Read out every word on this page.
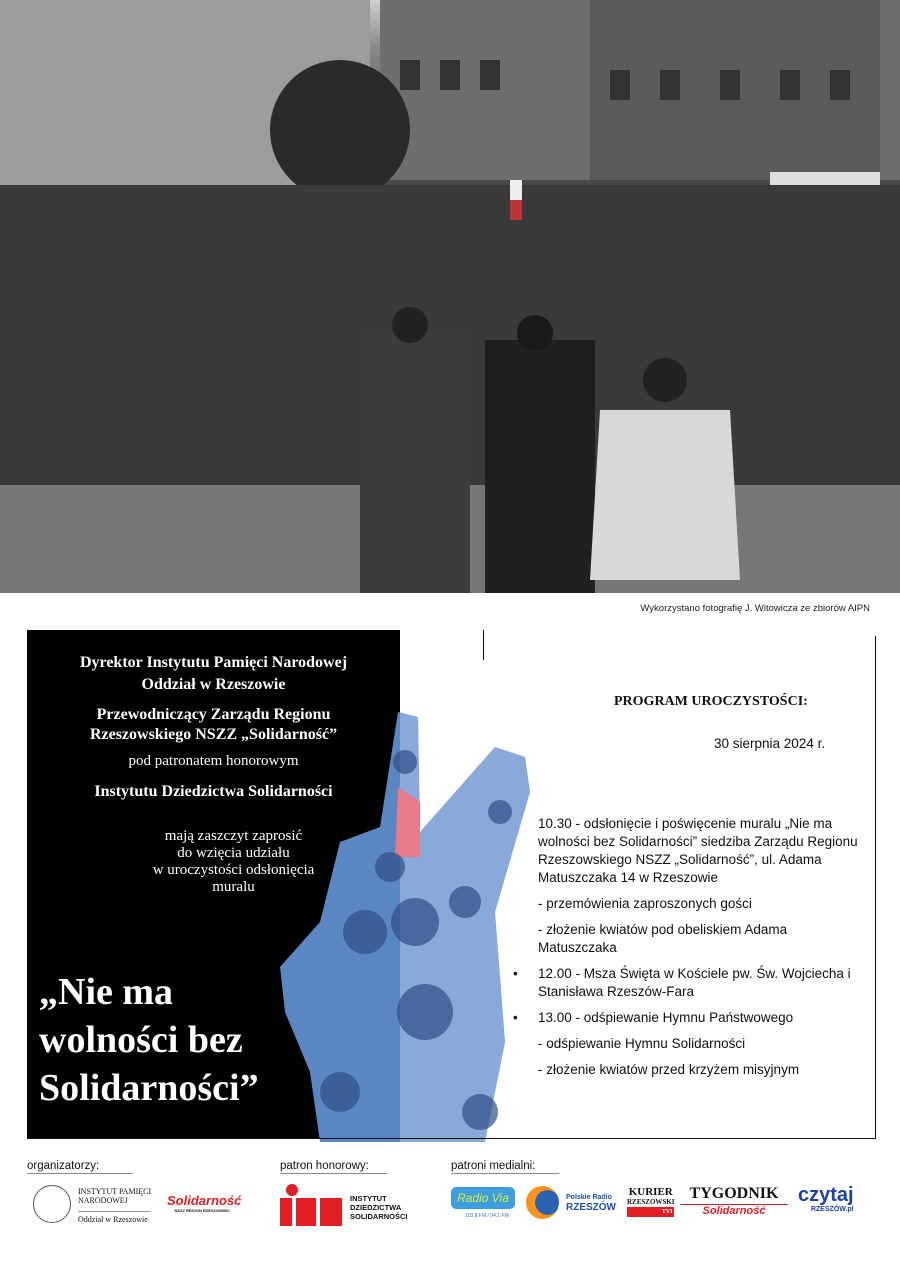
Wykorzystano fotografię J. Witowicza ze zbiorów AIPN
Dyrektor Instytutu Pamięci Narodowej
Oddział w Rzeszowie
Przewodniczący Zarządu Regionu
Rzeszowskiego NSZZ „Solidarność”
pod patronatem honorowym
Instytutu Dziedzictwa Solidarności
mają zaszczyt zaprosić
do wzięcia udziału
w uroczystości odsłonięcia
muralu
„Nie ma
wolności bez
Solidarności”
PROGRAM UROCZYSTOŚCI:
30 sierpnia 2024 r.
10.30 - odsłonięcie i poświęcenie muralu „Nie ma wolności bez Solidarności” siedziba Zarządu Regionu Rzeszowskiego NSZZ „Solidarność”, ul. Adama Matuszczaka 14 w Rzeszowie
- przemówienia zaproszonych gości
- złożenie kwiatów pod obeliskiem Adama Matuszczaka
• 12.00 - Msza Święta w Kościele pw. Św. Wojciecha i Stanisława Rzeszów-Fara
• 13.00 - odśpiewanie Hymnu Państwowego
- odśpiewanie Hymnu Solidarności
- złożenie kwiatów przed krzyżem misyjnym
organizatorzy:	patron honorowy:	patroni medialni:
INSTYTUT PAMIĘCI
NARODOWEJ
Oddział w Rzeszowie
Solidarność
NSZZ REGION RZESZOWSKI
INSTYTUT
DZIEDZICTWA
SOLIDARNOŚCI
Radio Via
103,8 FM / 94,1 FM
Polskie Radio
RZESZÓW
KURIER
RZESZOWSKI
TVI
TYGODNIK
Solidarność
czytaj
RZESZÓW.pl
